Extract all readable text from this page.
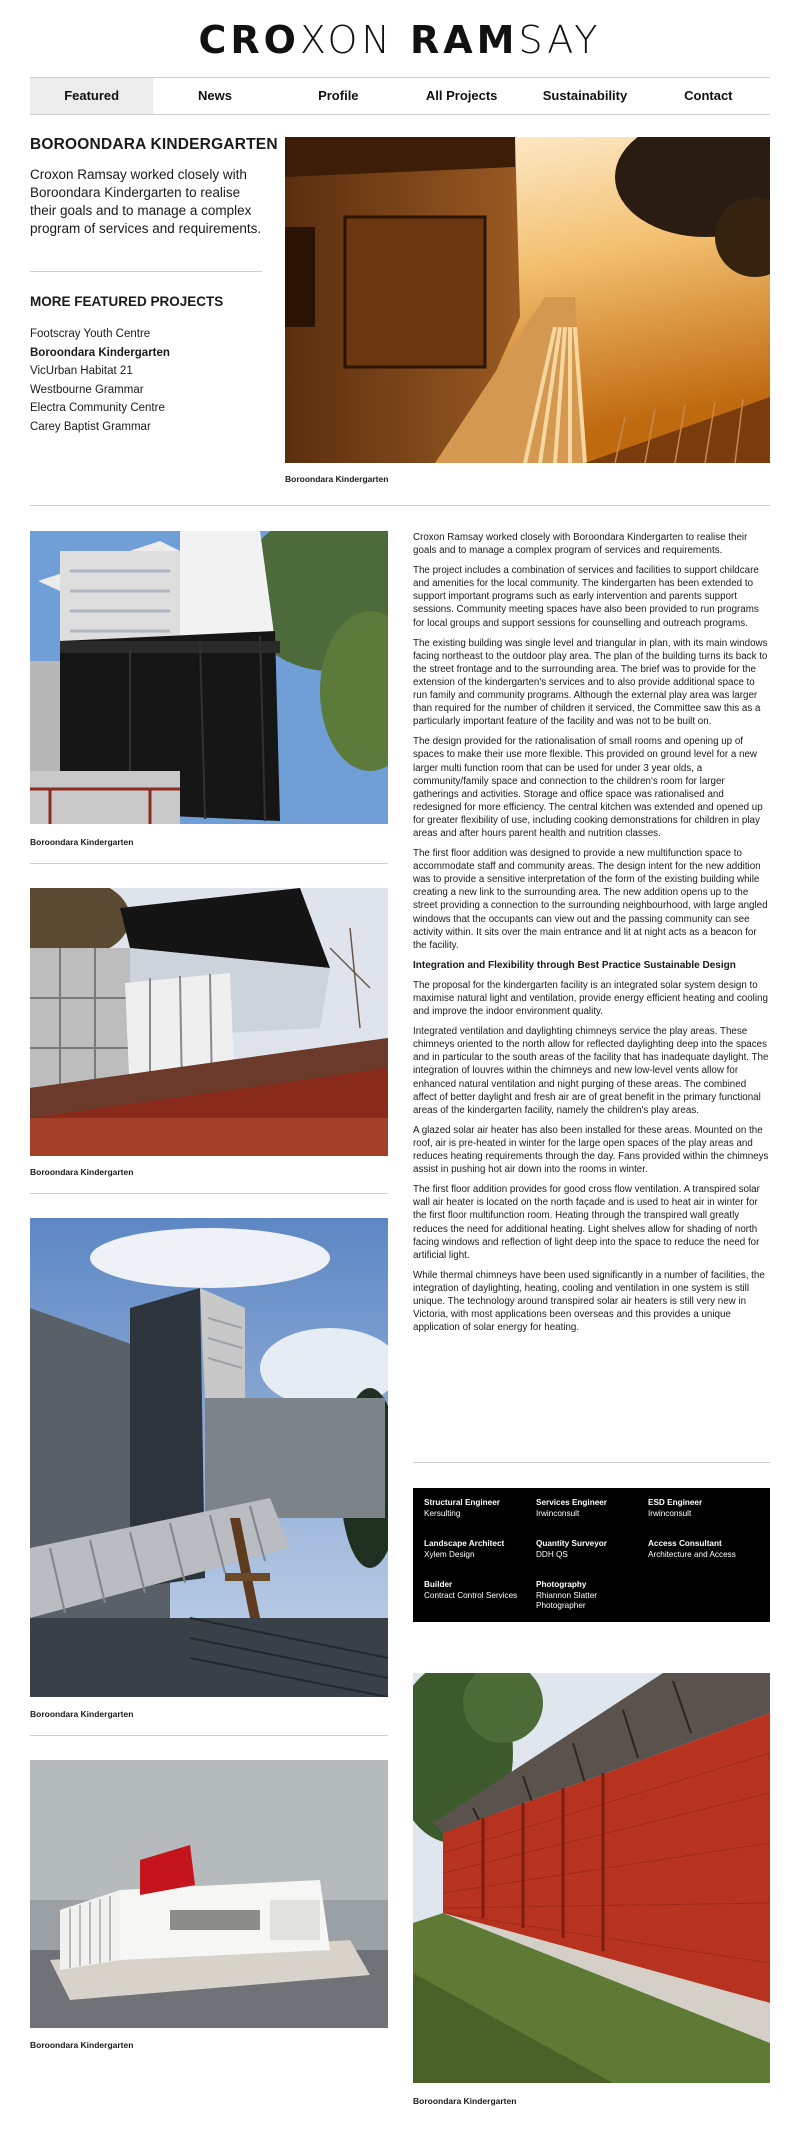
CROXON RAMSAY
Featured	News	Profile	All Projects	Sustainability	Contact
BOROONDARA KINDERGARTEN

Croxon Ramsay worked closely with Boroondara Kindergarten to realise their goals and to manage a complex program of services and requirements.

MORE FEATURED PROJECTS
Footscray Youth Centre
Boroondara Kindergarten
VicUrban Habitat 21
Westbourne Grammar
Electra Community Centre
Carey Baptist Grammar
Boroondara Kindergarten
Boroondara Kindergarten
Boroondara Kindergarten
Boroondara Kindergarten
Boroondara Kindergarten

Croxon Ramsay worked closely with Boroondara Kindergarten to realise their goals and to manage a complex program of services and requirements.

The project includes a combination of services and facilities to support childcare and amenities for the local community. The kindergarten has been extended to support important programs such as early intervention and parents support sessions. Community meeting spaces have also been provided to run programs for local groups and support sessions for counselling and outreach programs.

The existing building was single level and triangular in plan, with its main windows facing northeast to the outdoor play area. The plan of the building turns its back to the street frontage and to the surrounding area. The brief was to provide for the extension of the kindergarten's services and to also provide additional space to run family and community programs. Although the external play area was larger than required for the number of children it serviced, the Committee saw this as a particularly important feature of the facility and was not to be built on.

The design provided for the rationalisation of small rooms and opening up of spaces to make their use more flexible. This provided on ground level for a new larger multi function room that can be used for under 3 year olds, a community/family space and connection to the children's room for larger gatherings and activities. Storage and office space was rationalised and redesigned for more efficiency. The central kitchen was extended and opened up for greater flexibility of use, including cooking demonstrations for children in play areas and after hours parent health and nutrition classes.

The first floor addition was designed to provide a new multifunction space to accommodate staff and community areas. The design intent for the new addition was to provide a sensitive interpretation of the form of the existing building while creating a new link to the surrounding area. The new addition opens up to the street providing a connection to the surrounding neighbourhood, with large angled windows that the occupants can view out and the passing community can see activity within. It sits over the main entrance and lit at night acts as a beacon for the facility.

Integration and Flexibility through Best Practice Sustainable Design

The proposal for the kindergarten facility is an integrated solar system design to maximise natural light and ventilation, provide energy efficient heating and cooling and improve the indoor environment quality.

Integrated ventilation and daylighting chimneys service the play areas. These chimneys oriented to the north allow for reflected daylighting deep into the spaces and in particular to the south areas of the facility that has inadequate daylight. The integration of louvres within the chimneys and new low-level vents allow for enhanced natural ventilation and night purging of these areas. The combined affect of better daylight and fresh air are of great benefit in the primary functional areas of the kindergarten facility, namely the children's play areas.

A glazed solar air heater has also been installed for these areas. Mounted on the roof, air is pre-heated in winter for the large open spaces of the play areas and reduces heating requirements through the day. Fans provided within the chimneys assist in pushing hot air down into the rooms in winter.

The first floor addition provides for good cross flow ventilation. A transpired solar wall air heater is located on the north façade and is used to heat air in winter for the first floor multifunction room. Heating through the transpired wall greatly reduces the need for additional heating. Light shelves allow for shading of north facing windows and reflection of light deep into the space to reduce the need for artificial light.

While thermal chimneys have been used significantly in a number of facilities, the integration of daylighting, heating, cooling and ventilation in one system is still unique. The technology around transpired solar air heaters is still very new in Victoria, with most applications been overseas and this provides a unique application of solar energy for heating.

Structural Engineer
Kersulting
Services Engineer
Irwinconsult
ESD Engineer
Irwinconsult
Landscape Architect
Xylem Design
Quantity Surveyor
DDH QS
Access Consultant
Architecture and Access
Builder
Contract Control Services
Photography
Rhiannon Slatter Photographer
Boroondara Kindergarten
